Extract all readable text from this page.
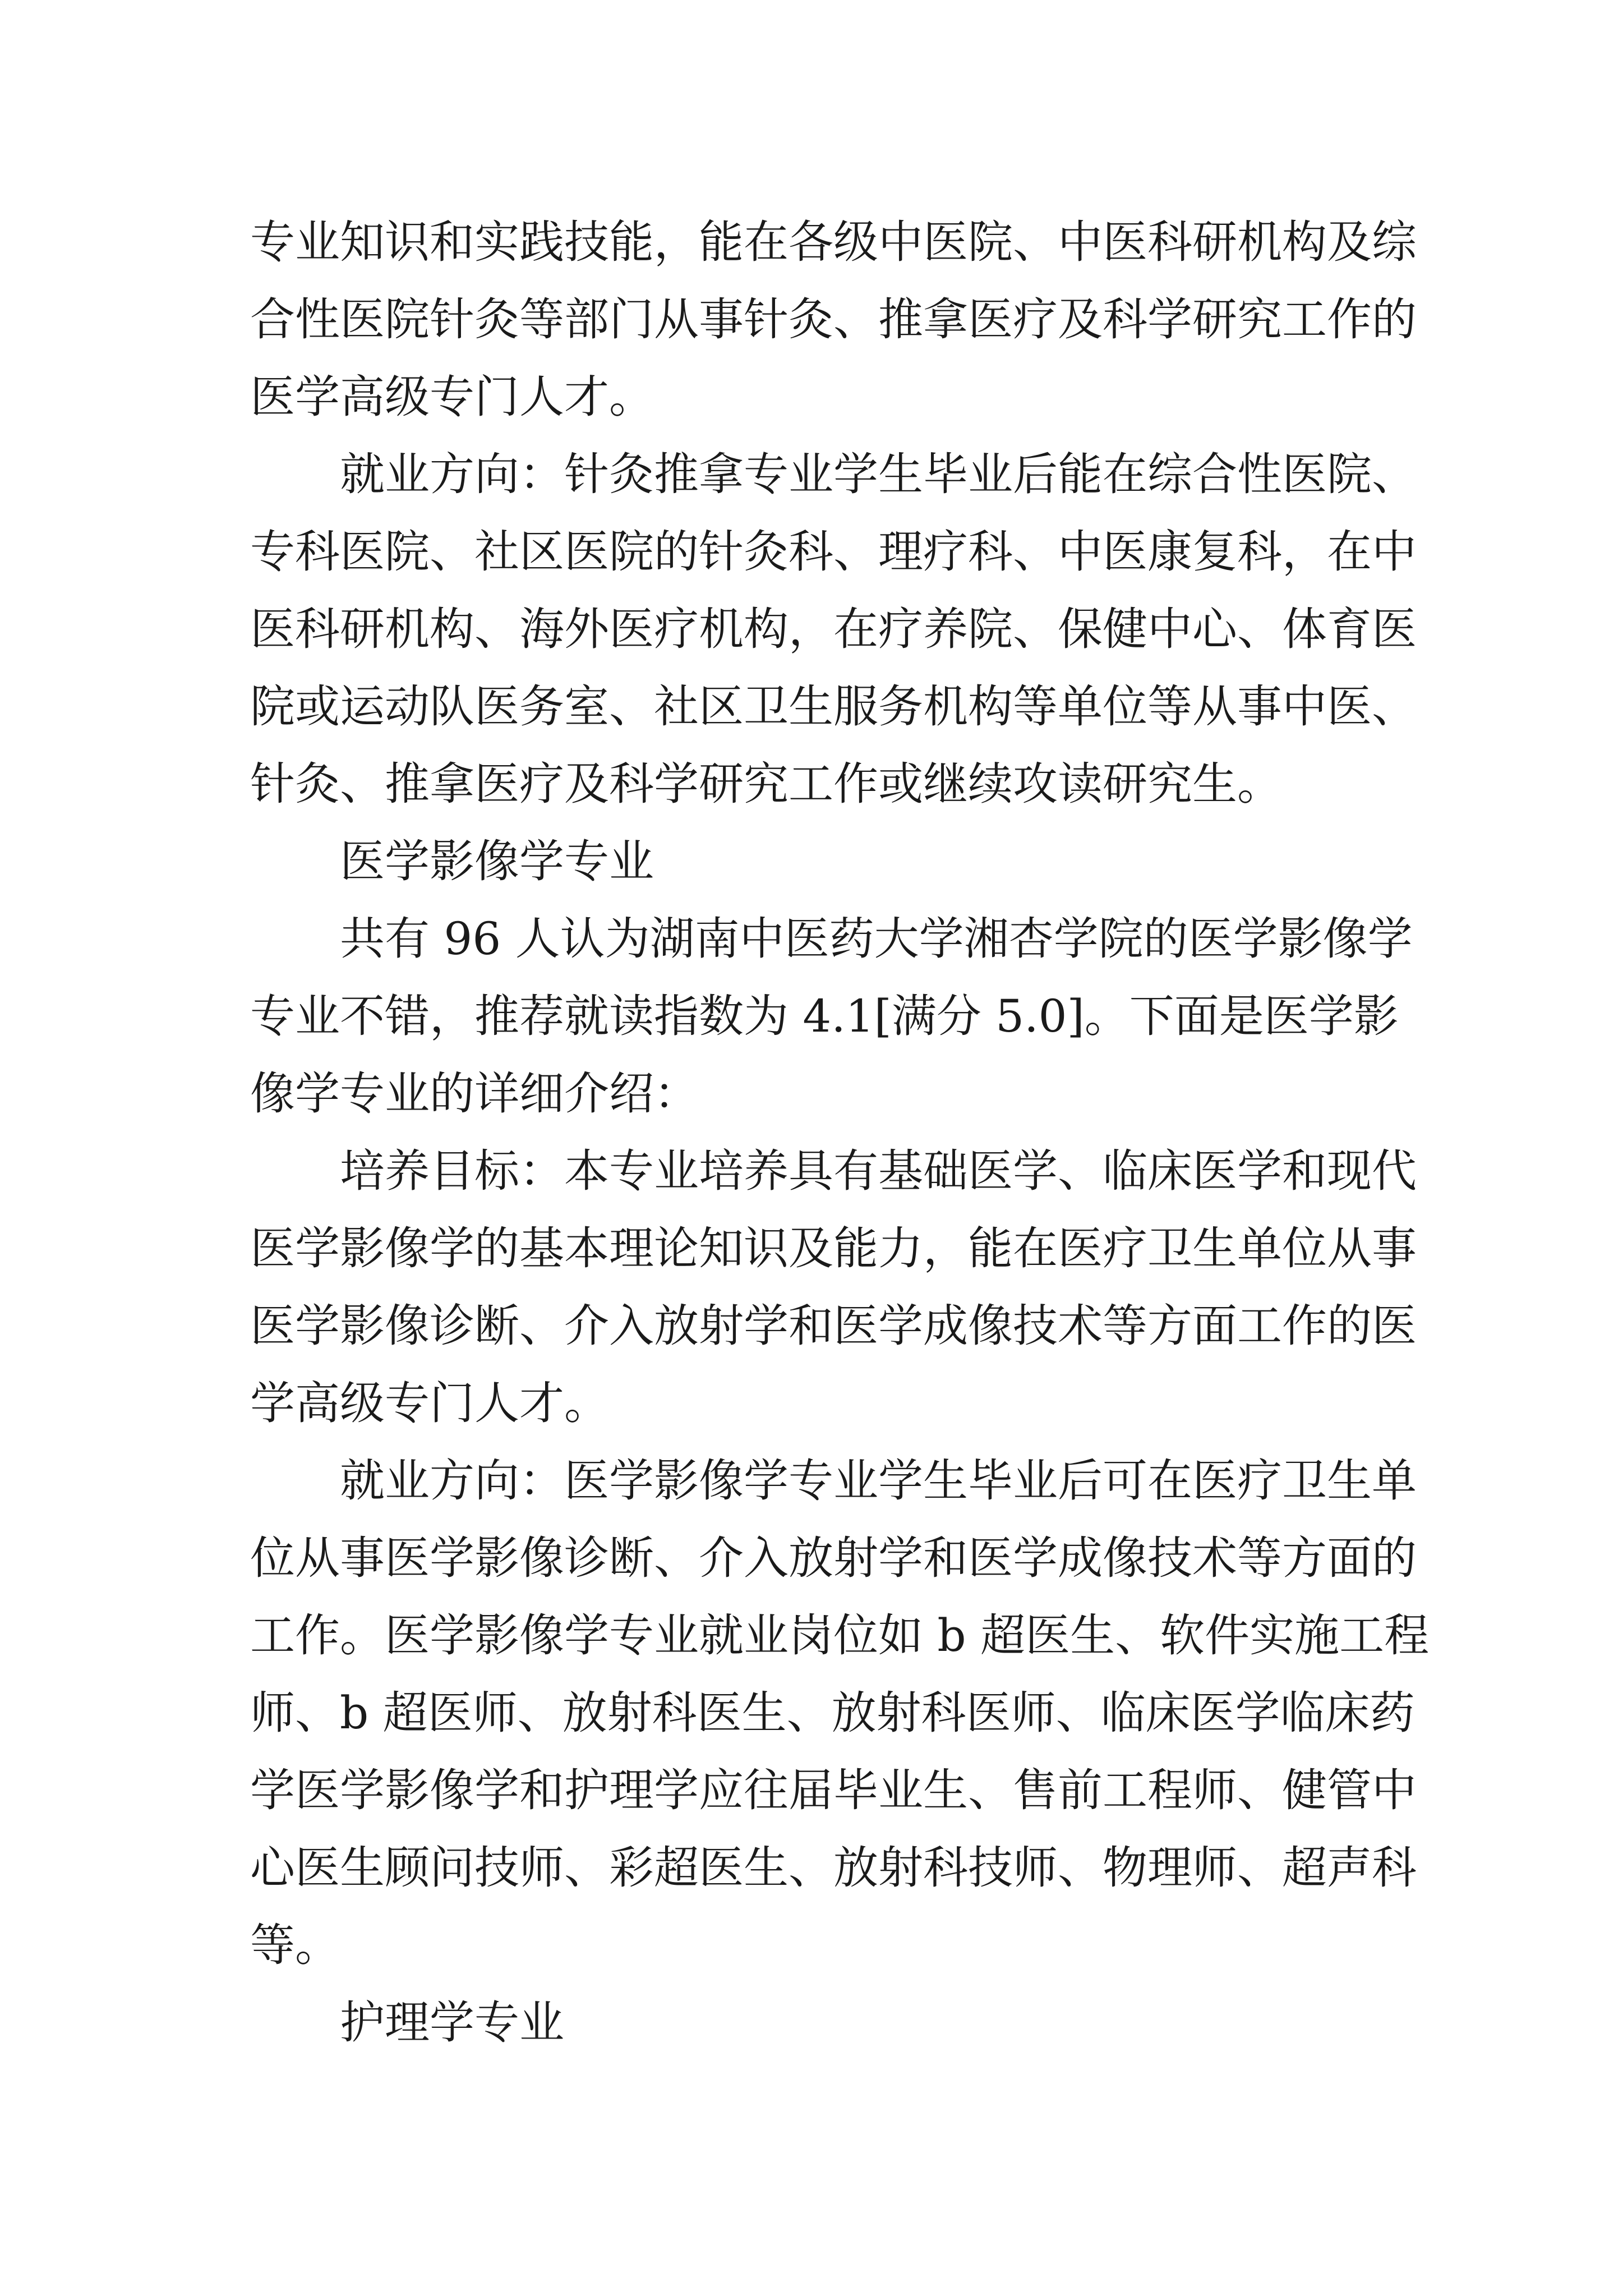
专业知识和实践技能，能在各级中医院、中医科研机构及综

合性医院针灸等部门从事针灸、推拿医疗及科学研究工作的

医学高级专门人才。

就业方向：针灸推拿专业学生毕业后能在综合性医院、

专科医院、社区医院的针灸科、理疗科、中医康复科，在中

医科研机构、海外医疗机构，在疗养院、保健中心、体育医

院或运动队医务室、社区卫生服务机构等单位等从事中医、

针灸、推拿医疗及科学研究工作或继续攻读研究生。

医学影像学专业

共有 96 人认为湖南中医药大学湘杏学院的医学影像学

专业不错，推荐就读指数为 4.1[满分 5.0]。下面是医学影

像学专业的详细介绍：

培养目标：本专业培养具有基础医学、临床医学和现代

医学影像学的基本理论知识及能力，能在医疗卫生单位从事

医学影像诊断、介入放射学和医学成像技术等方面工作的医

学高级专门人才。

就业方向：医学影像学专业学生毕业后可在医疗卫生单

位从事医学影像诊断、介入放射学和医学成像技术等方面的

工作。医学影像学专业就业岗位如 b 超医生、软件实施工程

师、b 超医师、放射科医生、放射科医师、临床医学临床药

学医学影像学和护理学应往届毕业生、售前工程师、健管中

心医生顾问技师、彩超医生、放射科技师、物理师、超声科

等。

护理学专业
